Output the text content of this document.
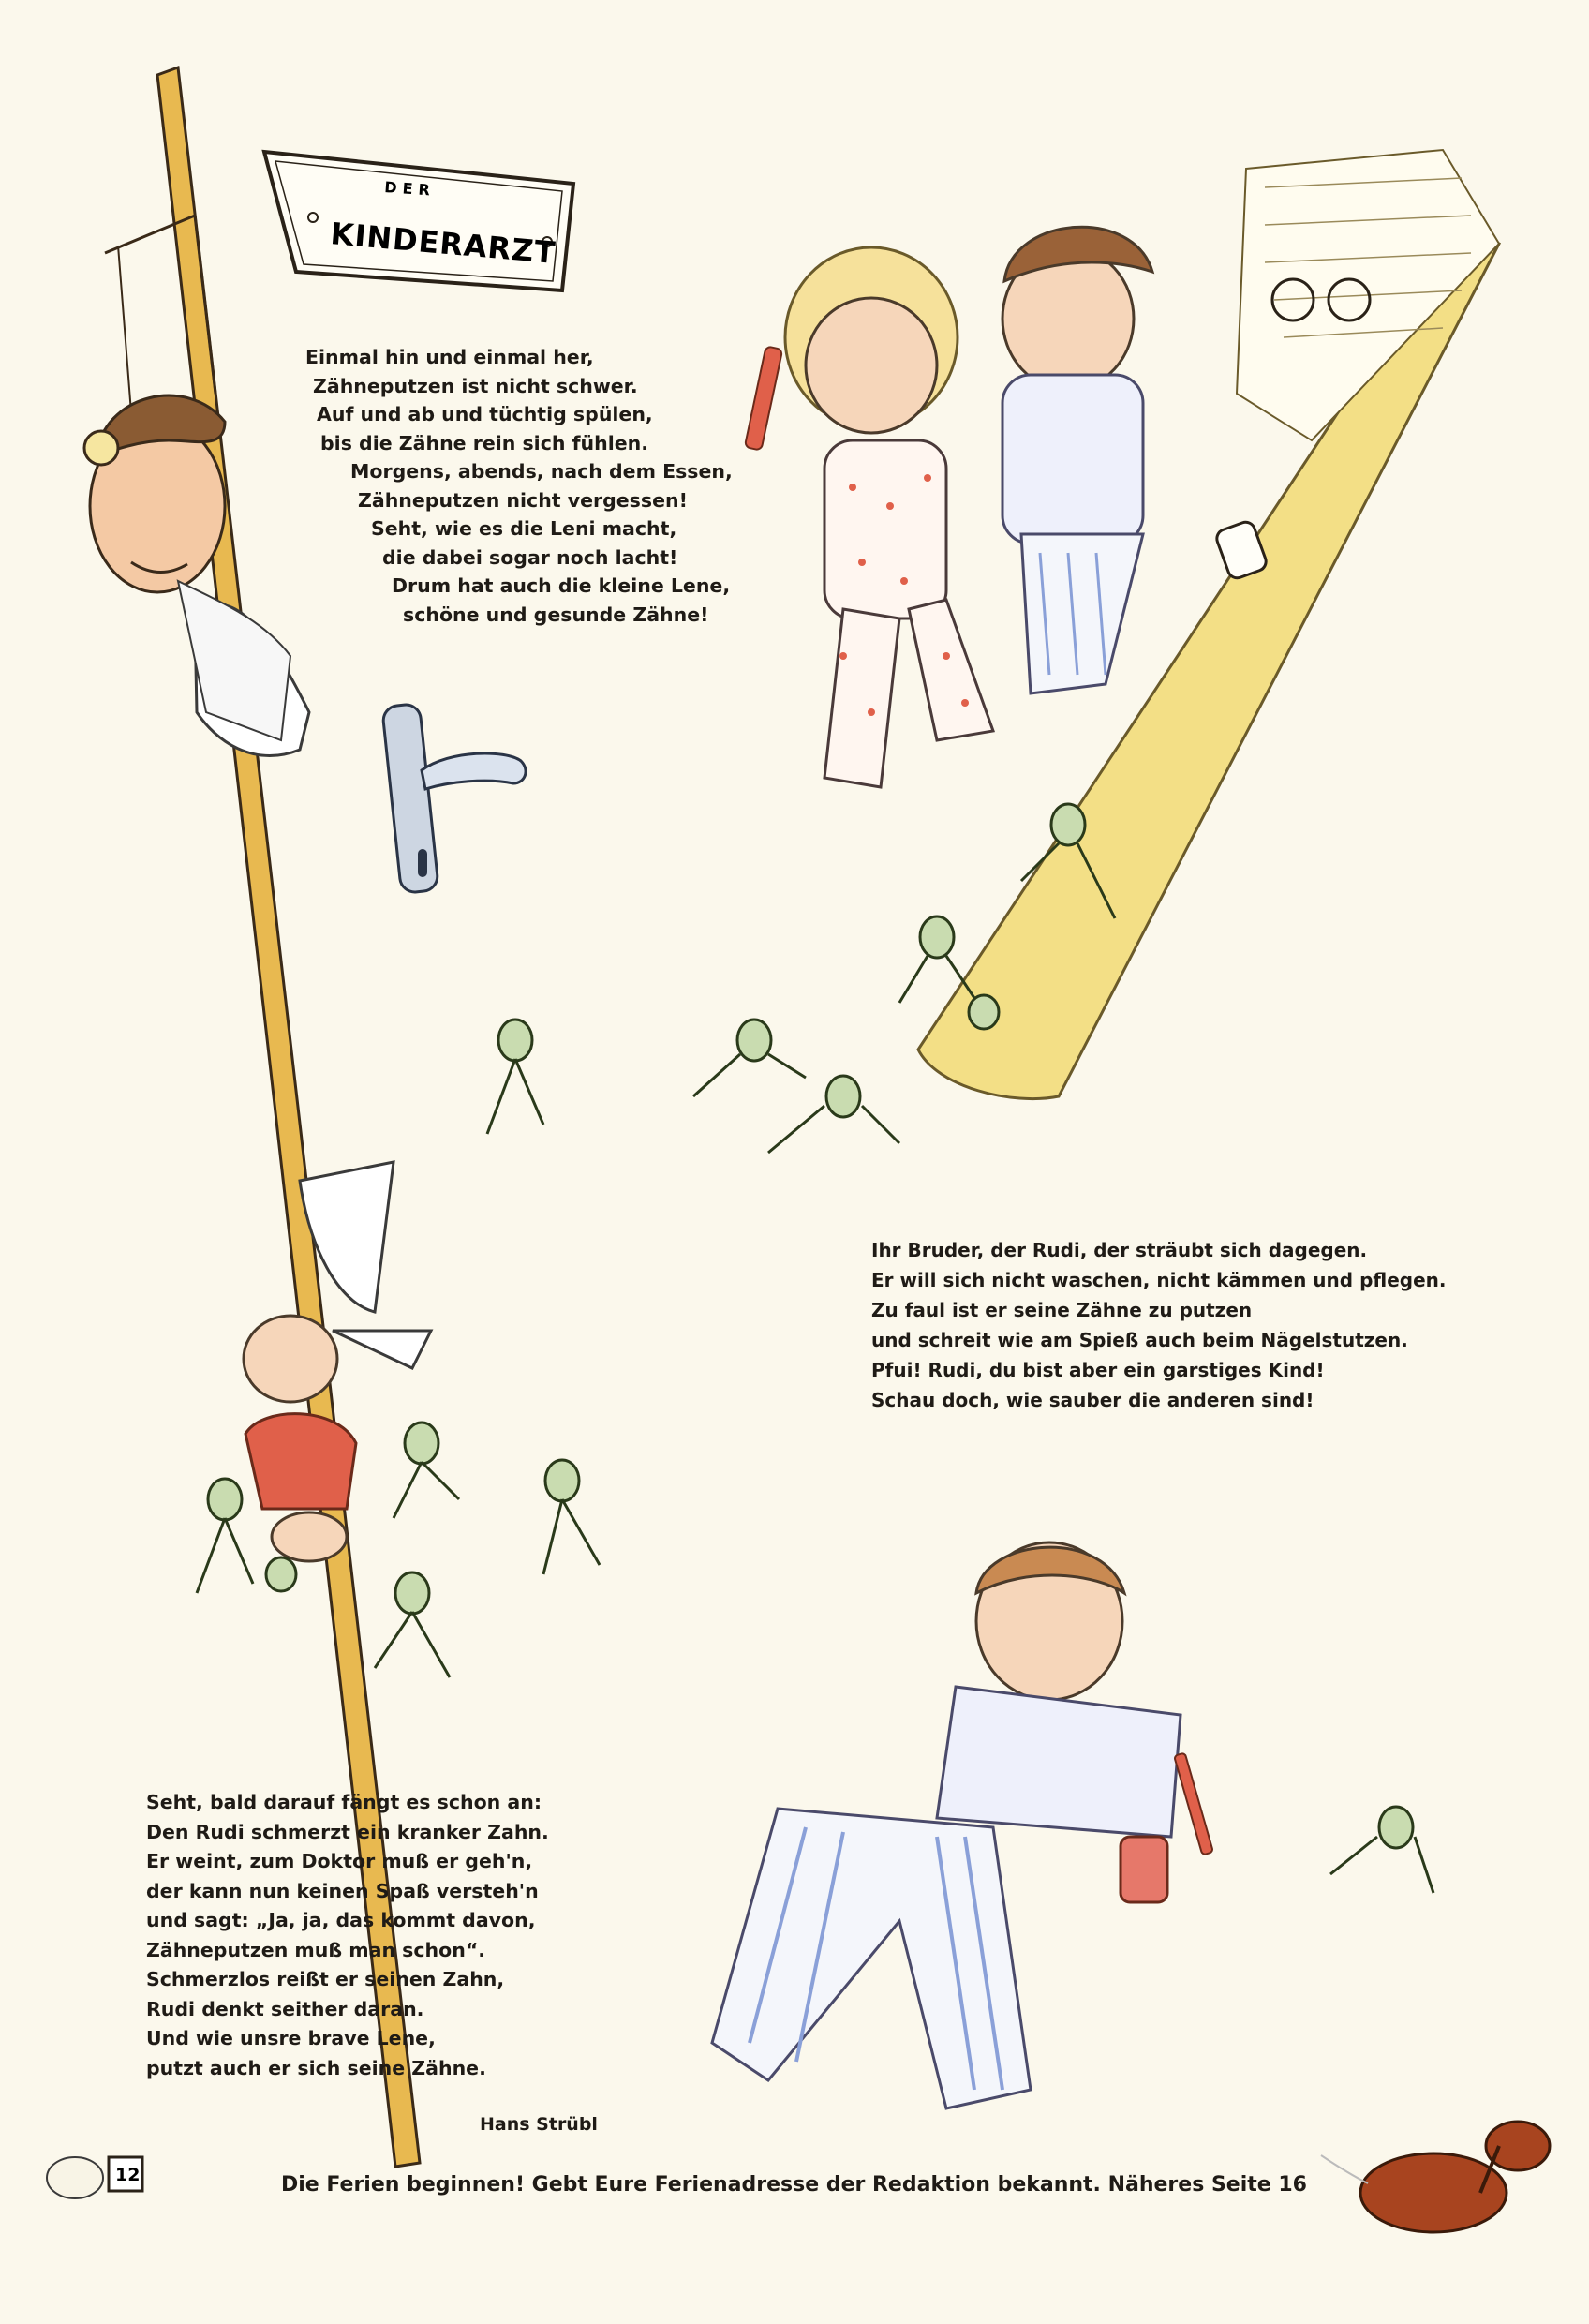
DER
KINDERARZT
12
Einmal hin und einmal her,
Zähneputzen ist nicht schwer.
Auf und ab und tüchtig spülen,
bis die Zähne rein sich fühlen.
Morgens, abends, nach dem Essen,
Zähneputzen nicht vergessen!
Seht, wie es die Leni macht,
die dabei sogar noch lacht!
Drum hat auch die kleine Lene,
schöne und gesunde Zähne!
Ihr Bruder, der Rudi, der sträubt sich dagegen.
Er will sich nicht waschen, nicht kämmen und pflegen.
Zu faul ist er seine Zähne zu putzen
und schreit wie am Spieß auch beim Nägelstutzen.
Pfui! Rudi, du bist aber ein garstiges Kind!
Schau doch, wie sauber die anderen sind!
Seht, bald darauf fängt es schon an:
Den Rudi schmerzt ein kranker Zahn.
Er weint, zum Doktor muß er geh'n,
der kann nun keinen Spaß versteh'n
und sagt: „Ja, ja, das kommt davon,
Zähneputzen muß man schon“.
Schmerzlos reißt er seinen Zahn,
Rudi denkt seither daran.
Und wie unsre brave Lene,
putzt auch er sich seine Zähne.
Hans Strübl
Die Ferien beginnen! Gebt Eure Ferienadresse der Redaktion bekannt. Näheres Seite 16
